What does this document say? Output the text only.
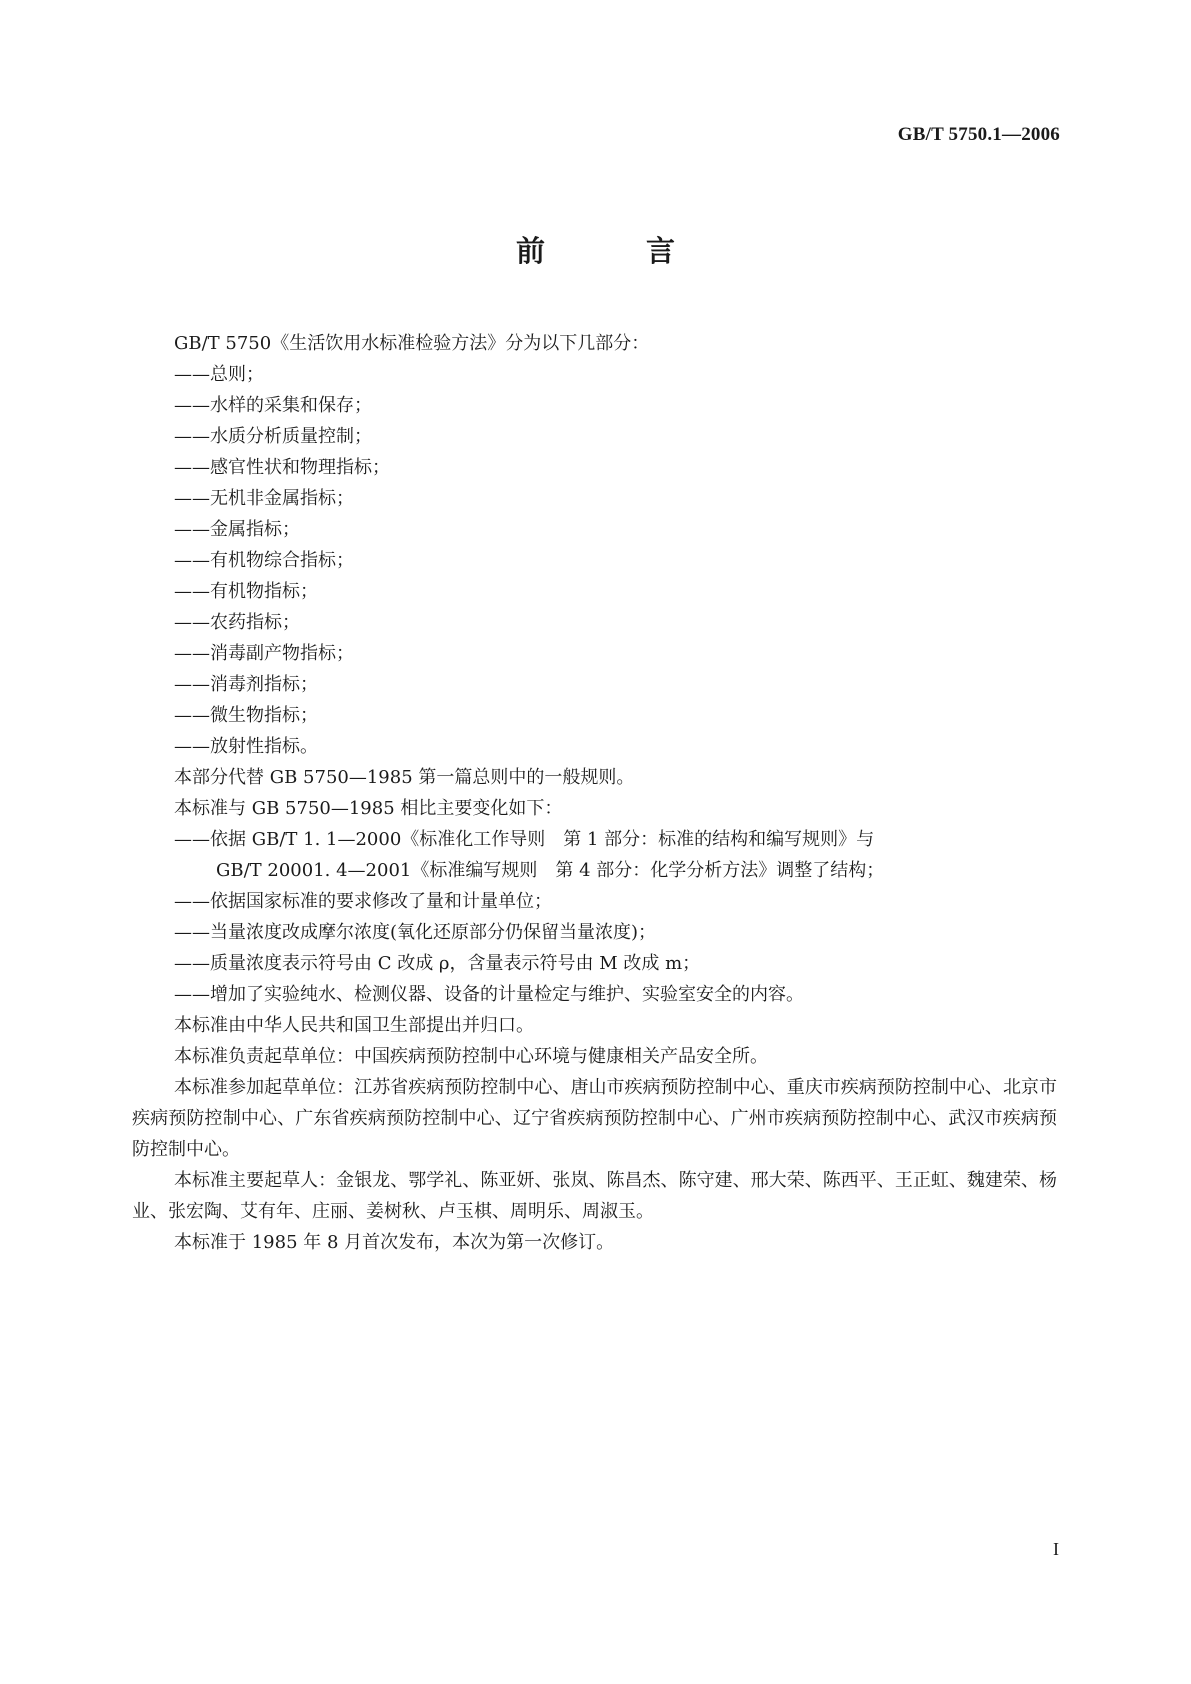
GB/T 5750.1—2006
前　言
GB/T 5750《生活饮用水标准检验方法》分为以下几部分：
——总则；
——水样的采集和保存；
——水质分析质量控制；
——感官性状和物理指标；
——无机非金属指标；
——金属指标；
——有机物综合指标；
——有机物指标；
——农药指标；
——消毒副产物指标；
——消毒剂指标；
——微生物指标；
——放射性指标。
本部分代替 GB 5750—1985 第一篇总则中的一般规则。
本标准与 GB 5750—1985 相比主要变化如下：
——依据 GB/T 1. 1—2000《标准化工作导则　第 1 部分：标准的结构和编写规则》与
GB/T 20001. 4—2001《标准编写规则　第 4 部分：化学分析方法》调整了结构；
——依据国家标准的要求修改了量和计量单位；
——当量浓度改成摩尔浓度(氧化还原部分仍保留当量浓度)；
——质量浓度表示符号由 C 改成 ρ，含量表示符号由 M 改成 m；
——增加了实验纯水、检测仪器、设备的计量检定与维护、实验室安全的内容。
本标准由中华人民共和国卫生部提出并归口。
本标准负责起草单位：中国疾病预防控制中心环境与健康相关产品安全所。
本标准参加起草单位：江苏省疾病预防控制中心、唐山市疾病预防控制中心、重庆市疾病预防控制中心、北京市疾病预防控制中心、广东省疾病预防控制中心、辽宁省疾病预防控制中心、广州市疾病预防控制中心、武汉市疾病预防控制中心。
本标准主要起草人：金银龙、鄂学礼、陈亚妍、张岚、陈昌杰、陈守建、邢大荣、陈西平、王正虹、魏建荣、杨业、张宏陶、艾有年、庄丽、姜树秋、卢玉棋、周明乐、周淑玉。
本标准于 1985 年 8 月首次发布，本次为第一次修订。
I
